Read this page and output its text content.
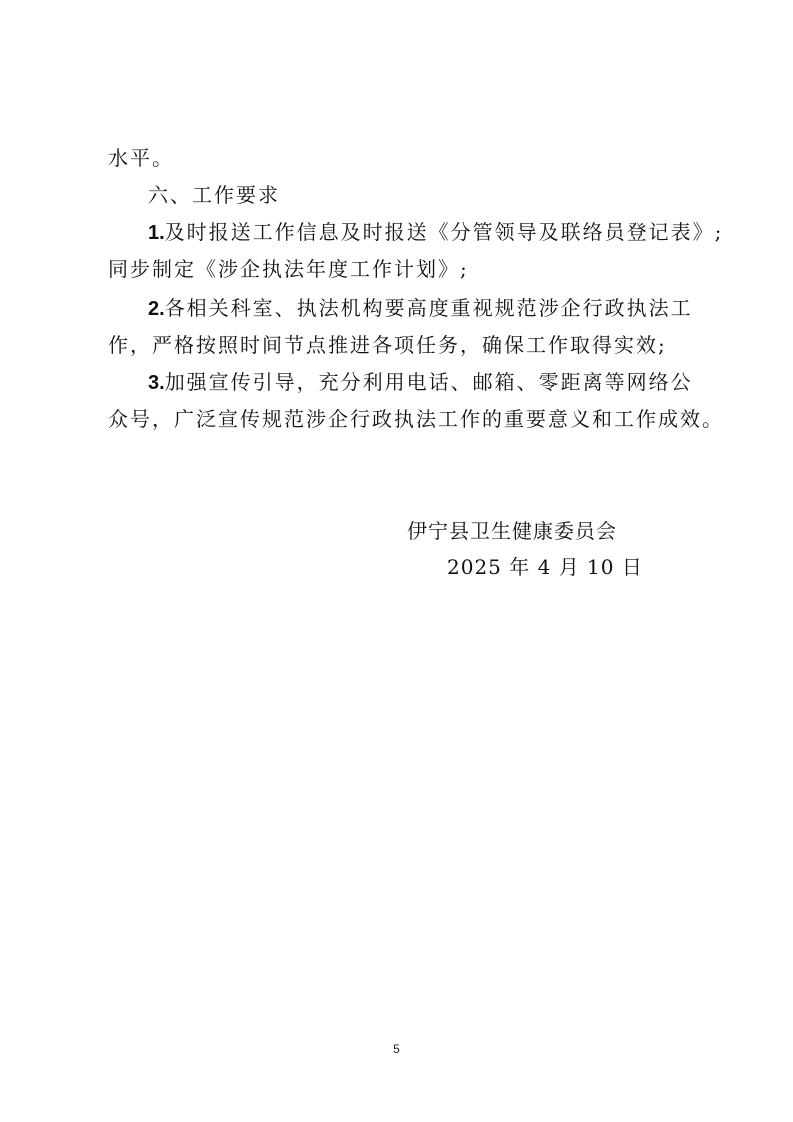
水平。
六、工作要求
1.及时报送工作信息及时报送《分管领导及联络员登记表》;
同步制定《涉企执法年度工作计划》;
2.各相关科室、执法机构要高度重视规范涉企行政执法工
作，严格按照时间节点推进各项任务，确保工作取得实效;
3.加强宣传引导，充分利用电话、邮箱、零距离等网络公
众号，广泛宣传规范涉企行政执法工作的重要意义和工作成效。
伊宁县卫生健康委员会
2025 年 4 月 10 日
5
